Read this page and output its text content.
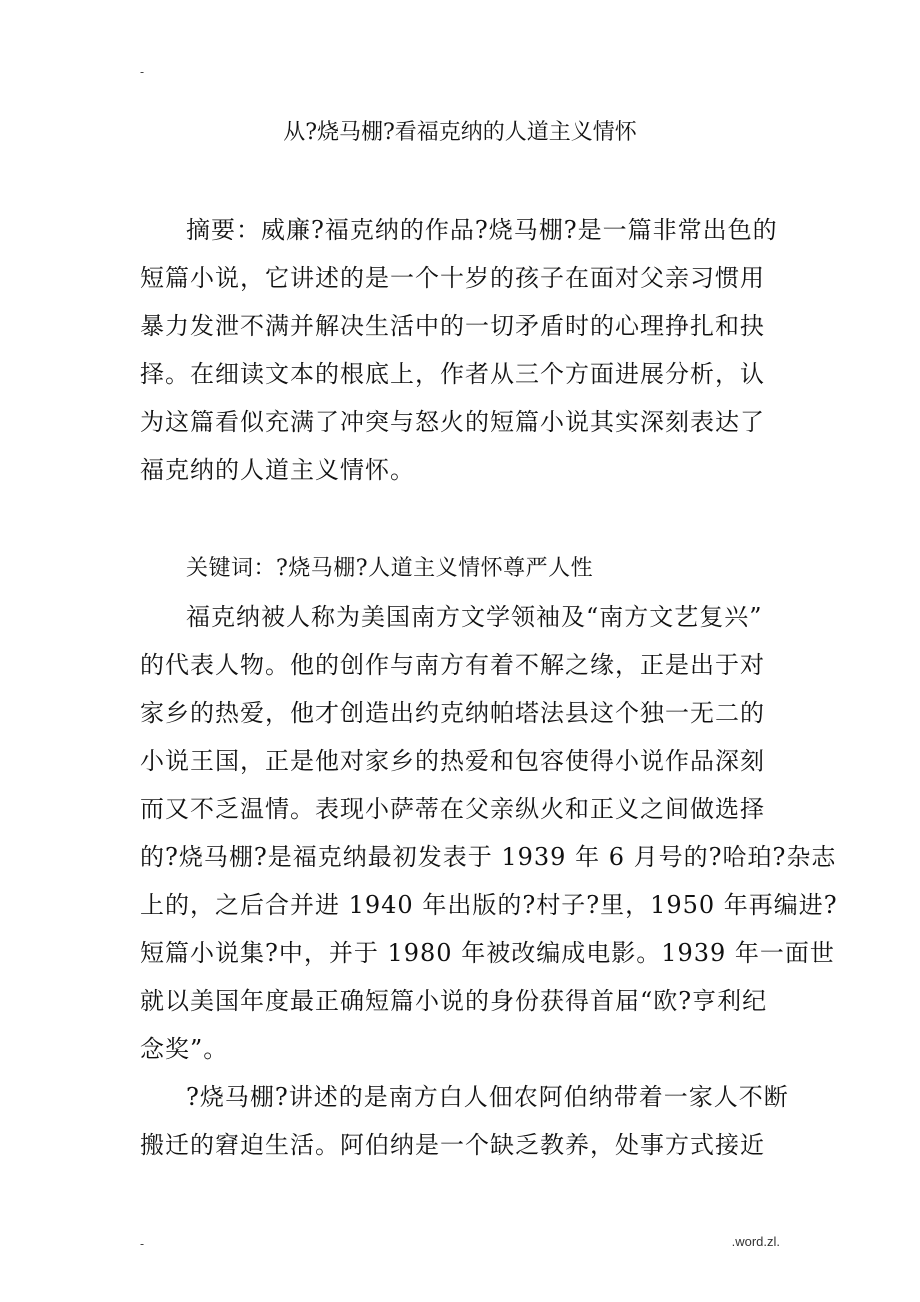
-
从?烧马棚?看福克纳的人道主义情怀
摘要：威廉?福克纳的作品?烧马棚?是一篇非常出色的
短篇小说，它讲述的是一个十岁的孩子在面对父亲习惯用
暴力发泄不满并解决生活中的一切矛盾时的心理挣扎和抉
择。在细读文本的根底上，作者从三个方面进展分析，认
为这篇看似充满了冲突与怒火的短篇小说其实深刻表达了
福克纳的人道主义情怀。
关键词：?烧马棚?人道主义情怀尊严人性
福克纳被人称为美国南方文学领袖及“南方文艺复兴”
的代表人物。他的创作与南方有着不解之缘，正是出于对
家乡的热爱，他才创造出约克纳帕塔法县这个独一无二的
小说王国，正是他对家乡的热爱和包容使得小说作品深刻
而又不乏温情。表现小萨蒂在父亲纵火和正义之间做选择
的?烧马棚?是福克纳最初发表于 1939 年 6 月号的?哈珀?杂志
上的，之后合并进 1940 年出版的?村子?里，1950 年再编进?
短篇小说集?中，并于 1980 年被改编成电影。1939 年一面世
就以美国年度最正确短篇小说的身份获得首届“欧?亨利纪
念奖”。
?烧马棚?讲述的是南方白人佃农阿伯纳带着一家人不断
搬迁的窘迫生活。阿伯纳是一个缺乏教养，处事方式接近
-	.word.zl.
